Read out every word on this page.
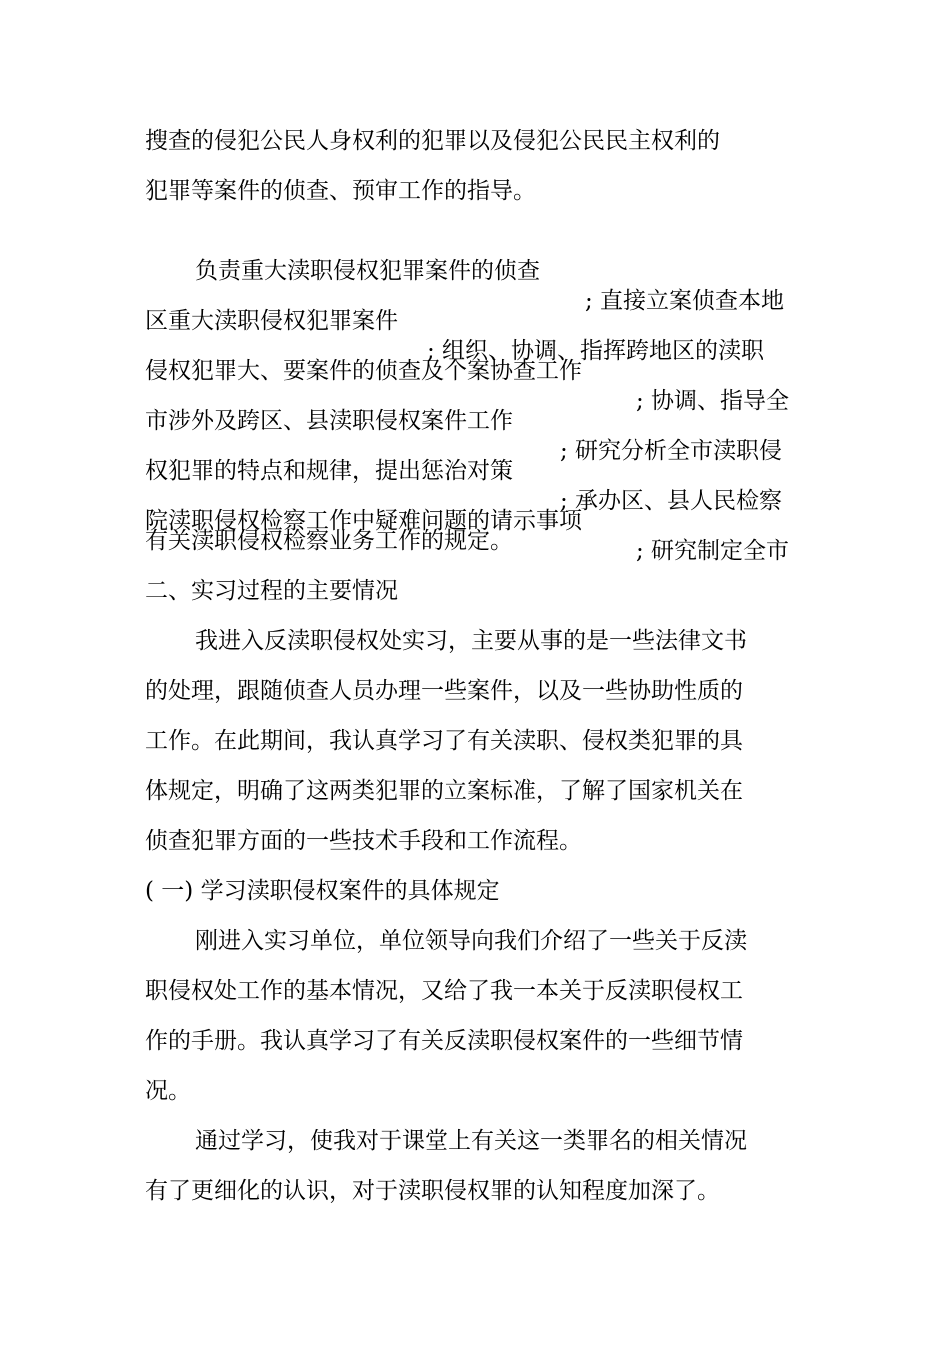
搜查的侵犯公民人身权利的犯罪以及侵犯公民民主权利的
犯罪等案件的侦查、预审工作的指导。

负责重大渎职侵权犯罪案件的侦查

; 直接立案侦查本地

区重大渎职侵权犯罪案件

; 组织、协调、指挥跨地区的渎职

侵权犯罪大、要案件的侦查及个案协查工作

; 协调、指导全

市涉外及跨区、县渎职侵权案件工作

; 研究分析全市渎职侵

权犯罪的特点和规律，提出惩治对策

; 承办区、县人民检察

院渎职侵权检察工作中疑难问题的请示事项

; 研究制定全市

有关渎职侵权检察业务工作的规定。
二、实习过程的主要情况
我进入反渎职侵权处实习，主要从事的是一些法律文书
的处理，跟随侦查人员办理一些案件，以及一些协助性质的
工作。在此期间，我认真学习了有关渎职、侵权类犯罪的具
体规定，明确了这两类犯罪的立案标准，了解了国家机关在
侦查犯罪方面的一些技术手段和工作流程。
( 一) 学习渎职侵权案件的具体规定
刚进入实习单位，单位领导向我们介绍了一些关于反渎
职侵权处工作的基本情况，又给了我一本关于反渎职侵权工
作的手册。我认真学习了有关反渎职侵权案件的一些细节情
况。
通过学习，使我对于课堂上有关这一类罪名的相关情况
有了更细化的认识，对于渎职侵权罪的认知程度加深了。
